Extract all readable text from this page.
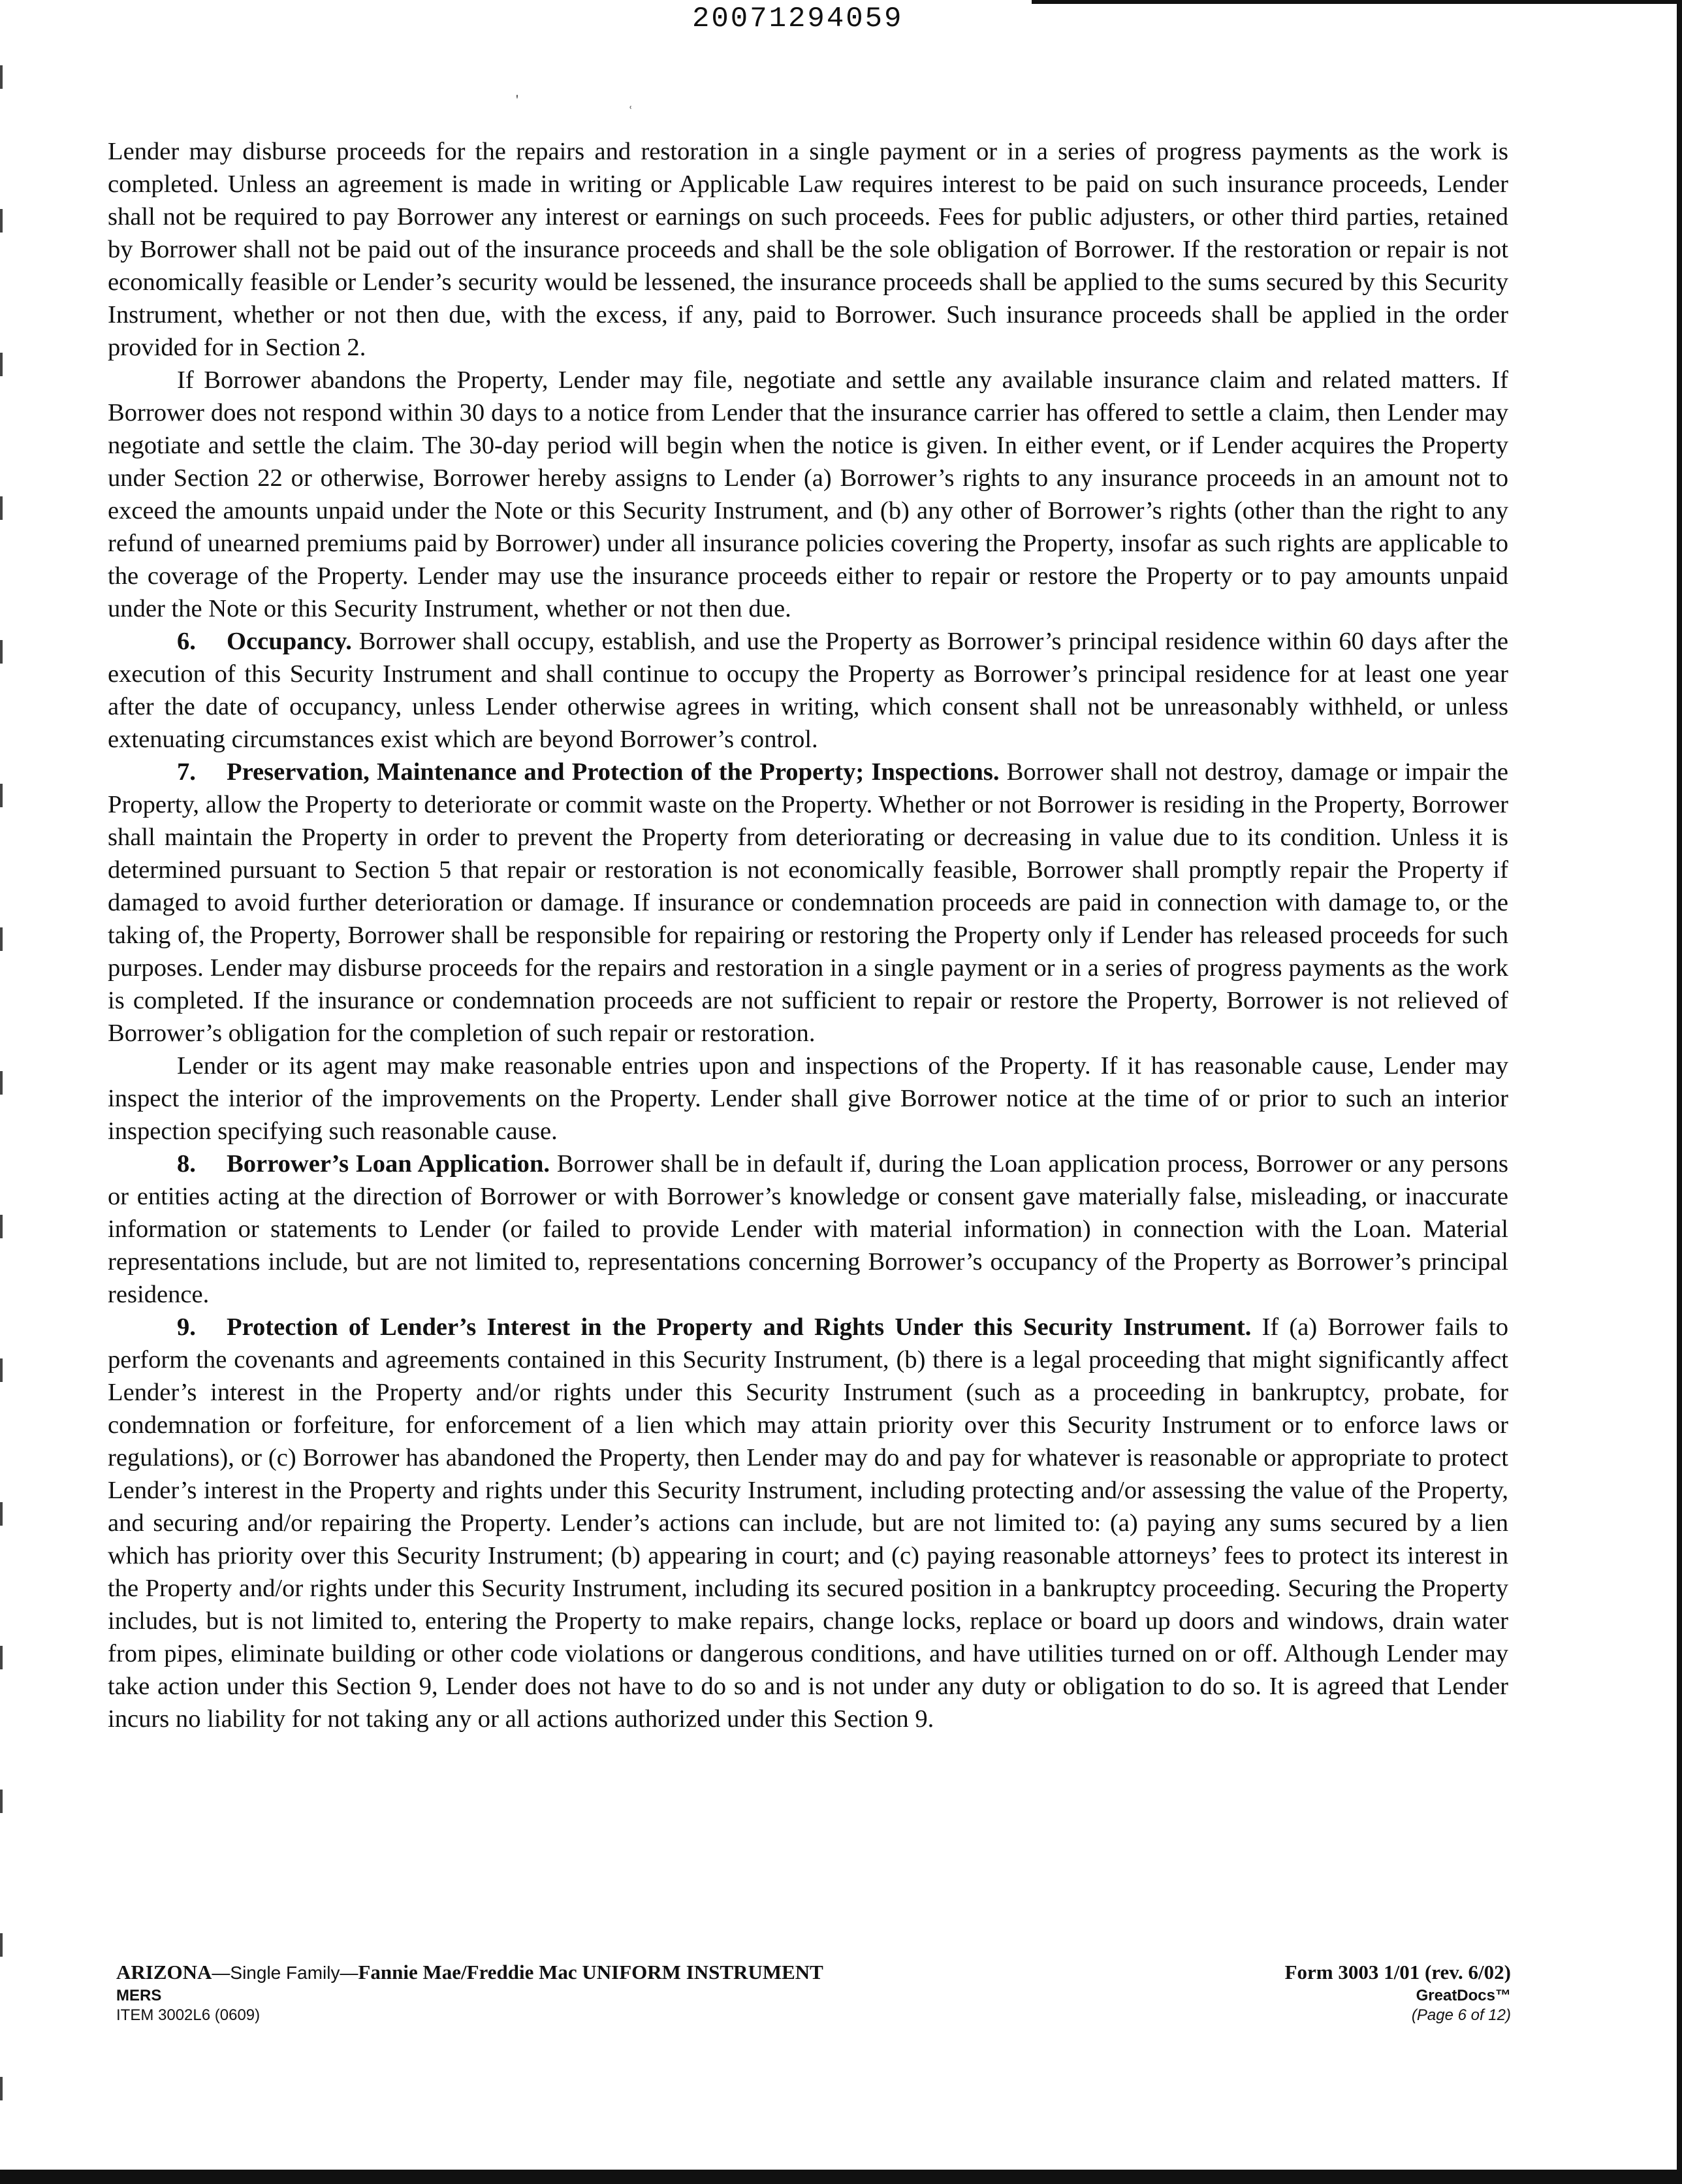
'
ʿ
20071294059

Lender may disburse proceeds for the repairs and restoration in a single payment or in a series of progress payments as the work is completed. Unless an agreement is made in writing or Applicable Law requires interest to be paid on such insurance proceeds, Lender shall not be required to pay Borrower any interest or earnings on such proceeds. Fees for public adjusters, or other third parties, retained by Borrower shall not be paid out of the insurance proceeds and shall be the sole obligation of Borrower. If the restoration or repair is not economically feasible or Lender’s security would be lessened, the insurance proceeds shall be applied to the sums secured by this Security Instrument, whether or not then due, with the excess, if any, paid to Borrower. Such insurance proceeds shall be applied in the order provided for in Section 2.

If Borrower abandons the Property, Lender may file, negotiate and settle any available insurance claim and related matters. If Borrower does not respond within 30 days to a notice from Lender that the insurance carrier has offered to settle a claim, then Lender may negotiate and settle the claim. The 30-day period will begin when the notice is given. In either event, or if Lender acquires the Property under Section 22 or otherwise, Borrower hereby assigns to Lender (a) Borrower’s rights to any insurance proceeds in an amount not to exceed the amounts unpaid under the Note or this Security Instrument, and (b) any other of Borrower’s rights (other than the right to any refund of unearned premiums paid by Borrower) under all insurance policies covering the Property, insofar as such rights are applicable to the coverage of the Property. Lender may use the insurance proceeds either to repair or restore the Property or to pay amounts unpaid under the Note or this Security Instrument, whether or not then due.

6. Occupancy. Borrower shall occupy, establish, and use the Property as Borrower’s principal residence within 60 days after the execution of this Security Instrument and shall continue to occupy the Property as Borrower’s principal residence for at least one year after the date of occupancy, unless Lender otherwise agrees in writing, which consent shall not be unreasonably withheld, or unless extenuating circumstances exist which are beyond Borrower’s control.

7. Preservation, Maintenance and Protection of the Property; Inspections. Borrower shall not destroy, damage or impair the Property, allow the Property to deteriorate or commit waste on the Property. Whether or not Borrower is residing in the Property, Borrower shall maintain the Property in order to prevent the Property from deteriorating or decreasing in value due to its condition. Unless it is determined pursuant to Section 5 that repair or restoration is not economically feasible, Borrower shall promptly repair the Property if damaged to avoid further deterioration or damage. If insurance or condemnation proceeds are paid in connection with damage to, or the taking of, the Property, Borrower shall be responsible for repairing or restoring the Property only if Lender has released proceeds for such purposes. Lender may disburse proceeds for the repairs and restoration in a single payment or in a series of progress payments as the work is completed. If the insurance or condemnation proceeds are not sufficient to repair or restore the Property, Borrower is not relieved of Borrower’s obligation for the completion of such repair or restoration.

Lender or its agent may make reasonable entries upon and inspections of the Property. If it has reasonable cause, Lender may inspect the interior of the improvements on the Property. Lender shall give Borrower notice at the time of or prior to such an interior inspection specifying such reasonable cause.

8. Borrower’s Loan Application. Borrower shall be in default if, during the Loan application process, Borrower or any persons or entities acting at the direction of Borrower or with Borrower’s knowledge or consent gave materially false, misleading, or inaccurate information or statements to Lender (or failed to provide Lender with material information) in connection with the Loan. Material representations include, but are not limited to, representations concerning Borrower’s occupancy of the Property as Borrower’s principal residence.

9. Protection of Lender’s Interest in the Property and Rights Under this Security Instrument. If (a) Borrower fails to perform the covenants and agreements contained in this Security Instrument, (b) there is a legal proceeding that might significantly affect Lender’s interest in the Property and/or rights under this Security Instrument (such as a proceeding in bankruptcy, probate, for condemnation or forfeiture, for enforcement of a lien which may attain priority over this Security Instrument or to enforce laws or regulations), or (c) Borrower has abandoned the Property, then Lender may do and pay for whatever is reasonable or appropriate to protect Lender’s interest in the Property and rights under this Security Instrument, including protecting and/or assessing the value of the Property, and securing and/or repairing the Property. Lender’s actions can include, but are not limited to: (a) paying any sums secured by a lien which has priority over this Security Instrument; (b) appearing in court; and (c) paying reasonable attorneys’ fees to protect its interest in the Property and/or rights under this Security Instrument, including its secured position in a bankruptcy proceeding. Securing the Property includes, but is not limited to, entering the Property to make repairs, change locks, replace or board up doors and windows, drain water from pipes, eliminate building or other code violations or dangerous conditions, and have utilities turned on or off. Although Lender may take action under this Section 9, Lender does not have to do so and is not under any duty or obligation to do so. It is agreed that Lender incurs no liability for not taking any or all actions authorized under this Section 9.

ARIZONA—Single Family—Fannie Mae/Freddie Mac UNIFORM INSTRUMENT
MERS
ITEM 3002L6 (0609)
Form 3003 1/01 (rev. 6/02)
GreatDocs™
(Page 6 of 12)
